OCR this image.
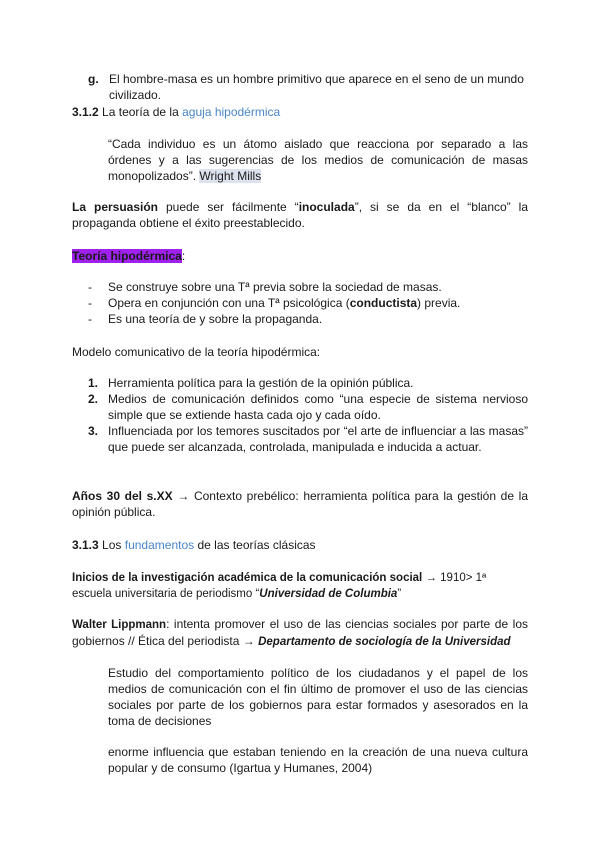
g. El hombre-masa es un hombre primitivo que aparece en el seno de un mundo civilizado.

3.1.2 La teoría de la aguja hipodérmica

“Cada individuo es un átomo aislado que reacciona por separado a las órdenes y a las sugerencias de los medios de comunicación de masas monopolizados”. Wright Mills

La persuasión puede ser fácilmente “inoculada”, si se da en el “blanco” la propaganda obtiene el éxito preestablecido.

Teoría hipodérmica:

- Se construye sobre una Tª previa sobre la sociedad de masas.
- Opera en conjunción con una Tª psicológica (conductista) previa.
- Es una teoría de y sobre la propaganda.

Modelo comunicativo de la teoría hipodérmica:

1. Herramienta política para la gestión de la opinión pública.
2. Medios de comunicación definidos como “una especie de sistema nervioso simple que se extiende hasta cada ojo y cada oído.
3. Influenciada por los temores suscitados por “el arte de influenciar a las masas” que puede ser alcanzada, controlada, manipulada e inducida a actuar.

Años 30 del s.XX → Contexto prebélico: herramienta política para la gestión de la opinión pública.

3.1.3 Los fundamentos de las teorías clásicas

Inicios de la investigación académica de la comunicación social → 1910> 1ª escuela universitaria de periodismo “Universidad de Columbia”

Walter Lippmann: intenta promover el uso de las ciencias sociales por parte de los gobiernos // Ética del periodista → Departamento de sociología de la Universidad

Estudio del comportamiento político de los ciudadanos y el papel de los medios de comunicación con el fin último de promover el uso de las ciencias sociales por parte de los gobiernos para estar formados y asesorados en la toma de decisiones

enorme influencia que estaban teniendo en la creación de una nueva cultura popular y de consumo (Igartua y Humanes, 2004)
